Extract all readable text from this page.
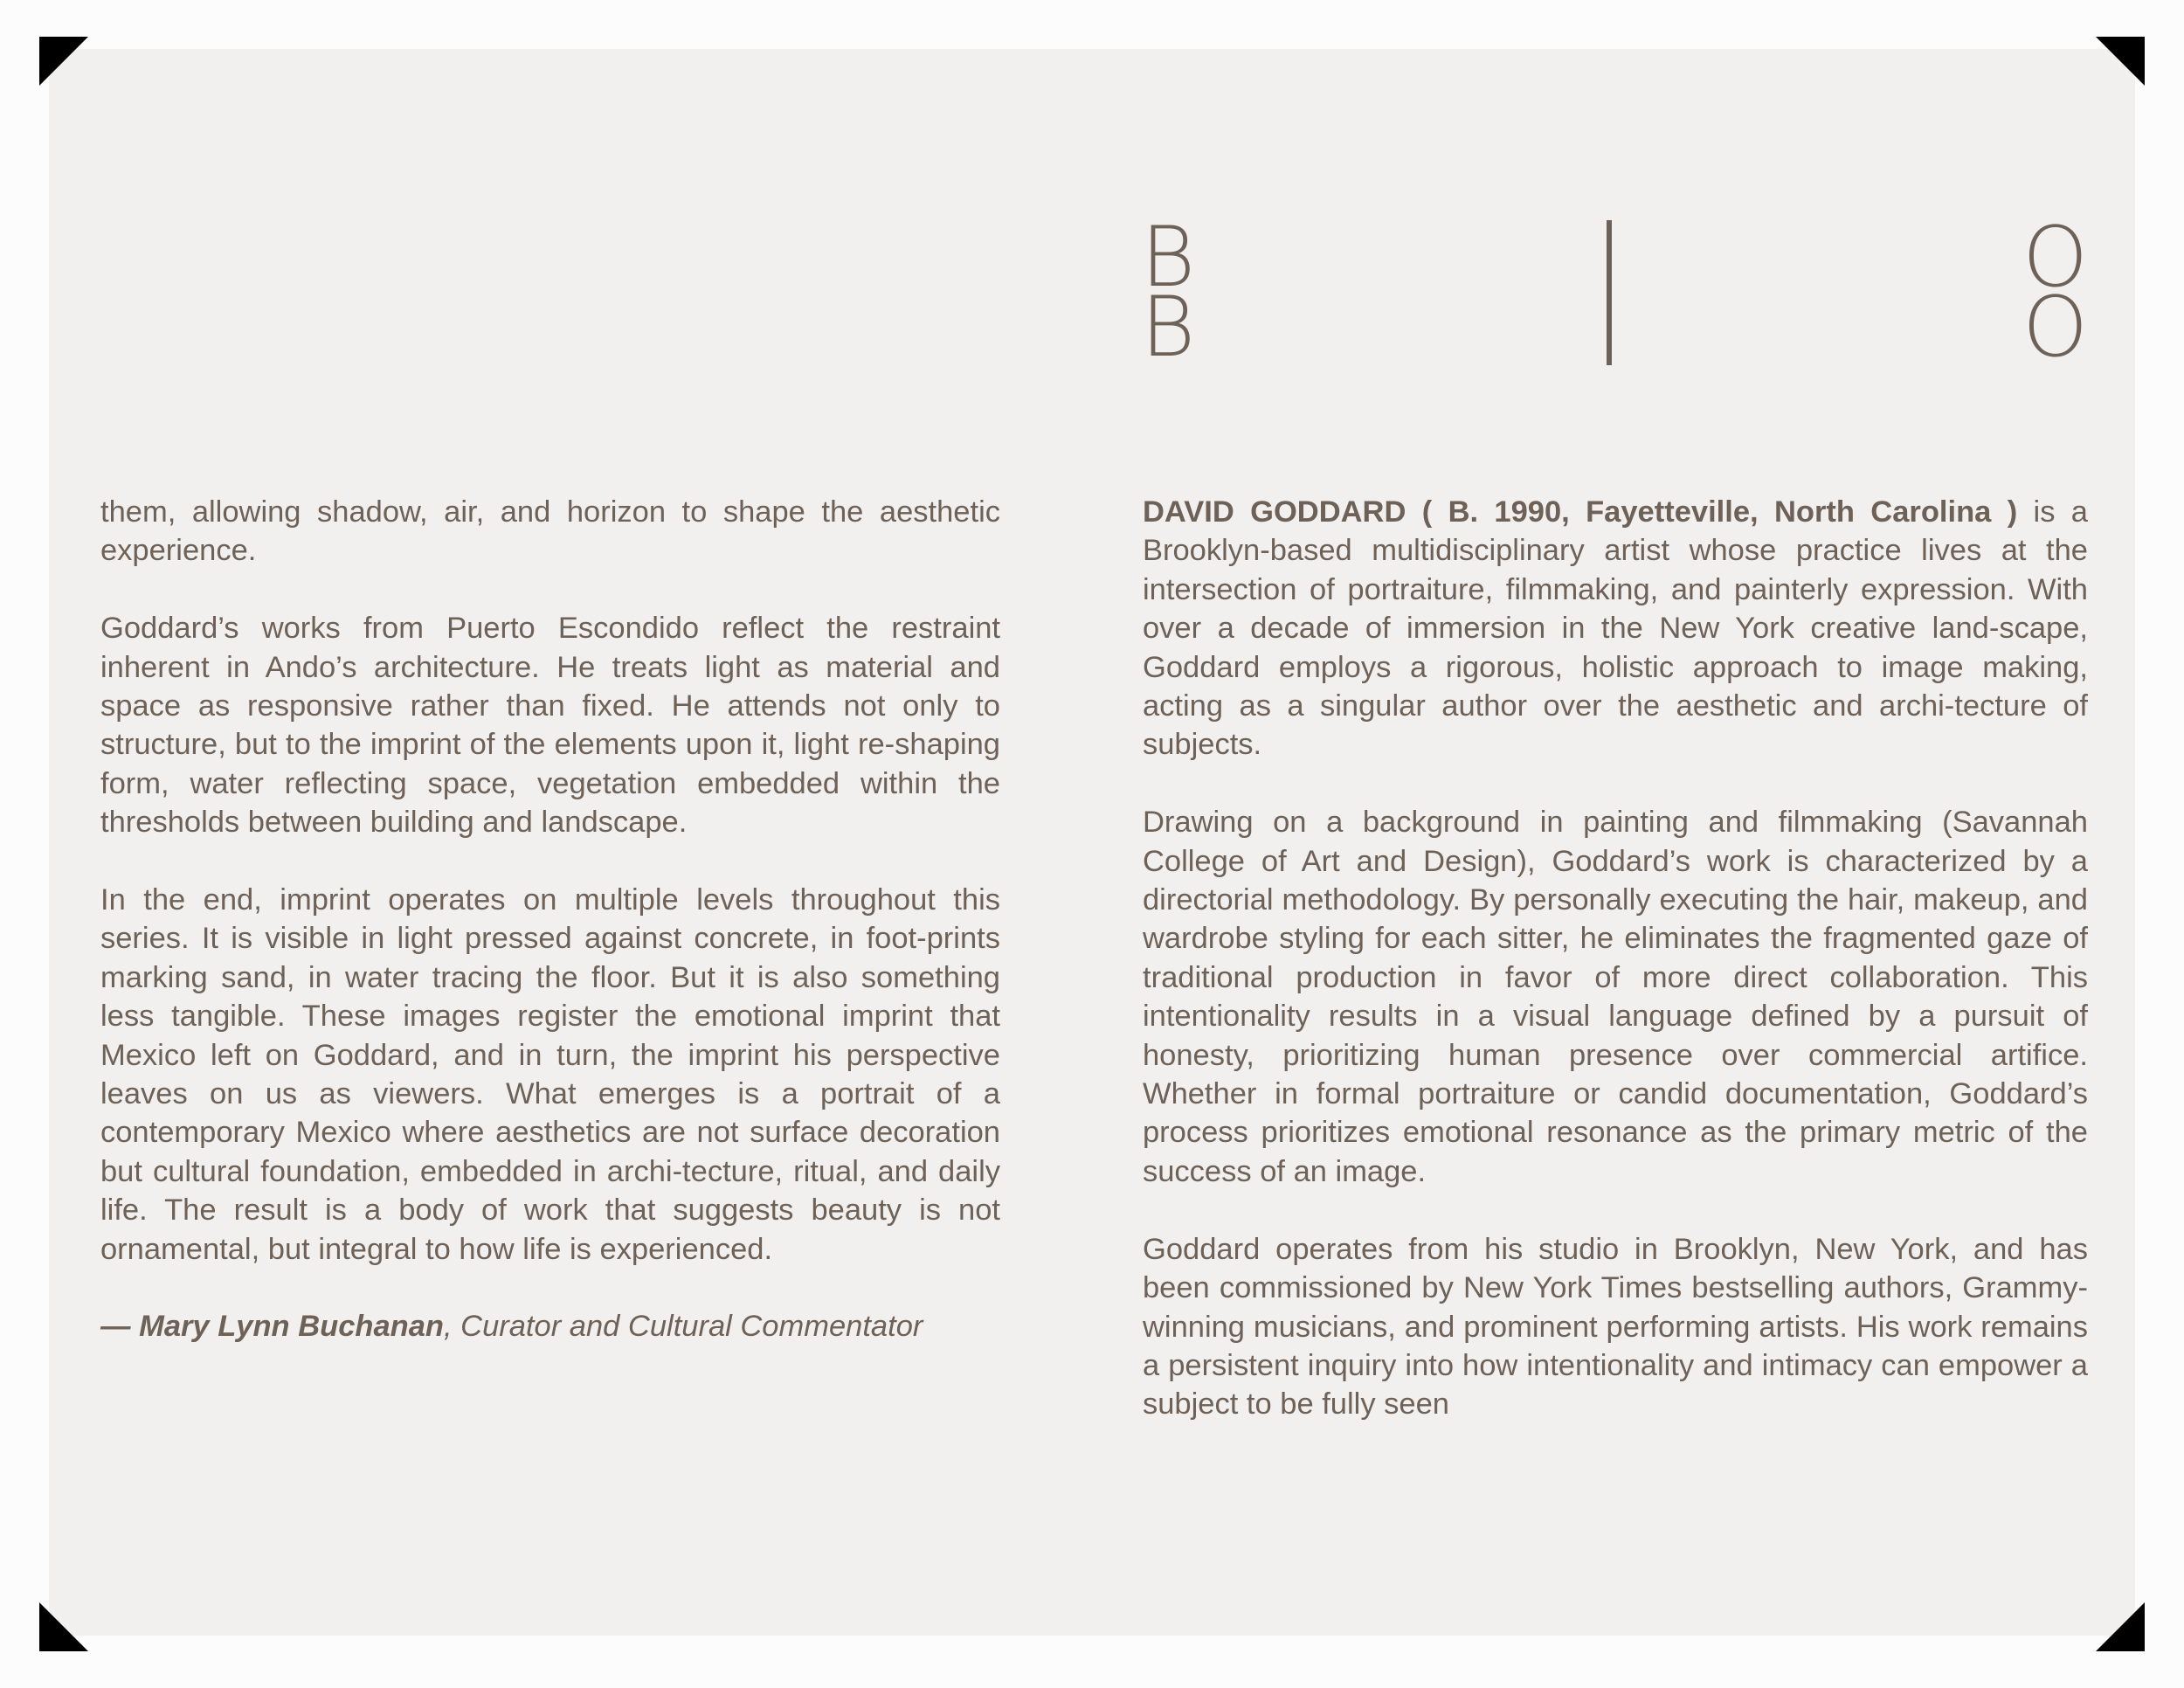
B
B
O
O

them, allowing shadow, air, and horizon to shape the aesthetic experience.

Goddard’s works from Puerto Escondido reflect the restraint inherent in Ando’s architecture. He treats light as material and space as responsive rather than fixed. He attends not only to structure, but to the imprint of the elements upon it, light re-shaping form, water reflecting space, vegetation embedded within the thresholds between building and landscape.

In the end, imprint operates on multiple levels throughout this series. It is visible in light pressed against concrete, in foot-prints marking sand, in water tracing the floor. But it is also something less tangible. These images register the emotional imprint that Mexico left on Goddard, and in turn, the imprint his perspective leaves on us as viewers. What emerges is a portrait of a contemporary Mexico where aesthetics are not surface decoration but cultural foundation, embedded in archi-tecture, ritual, and daily life. The result is a body of work that suggests beauty is not ornamental, but integral to how life is experienced.

— Mary Lynn Buchanan, Curator and Cultural Commentator

DAVID GODDARD ( B. 1990, Fayetteville, North Carolina ) is a Brooklyn-based multidisciplinary artist whose practice lives at the intersection of portraiture, filmmaking, and painterly expression. With over a decade of immersion in the New York creative land-scape, Goddard employs a rigorous, holistic approach to image making, acting as a singular author over the aesthetic and archi-tecture of subjects.

Drawing on a background in painting and filmmaking (Savannah College of Art and Design), Goddard’s work is characterized by a directorial methodology. By personally executing the hair, makeup, and wardrobe styling for each sitter, he eliminates the fragmented gaze of traditional production in favor of more direct collaboration. This intentionality results in a visual language defined by a pursuit of honesty, prioritizing human presence over commercial artifice. Whether in formal portraiture or candid documentation, Goddard’s process prioritizes emotional resonance as the primary metric of the success of an image.

Goddard operates from his studio in Brooklyn, New York, and has been commissioned by New York Times bestselling authors, Grammy-winning musicians, and prominent performing artists. His work remains a persistent inquiry into how intentionality and intimacy can empower a subject to be fully seen
